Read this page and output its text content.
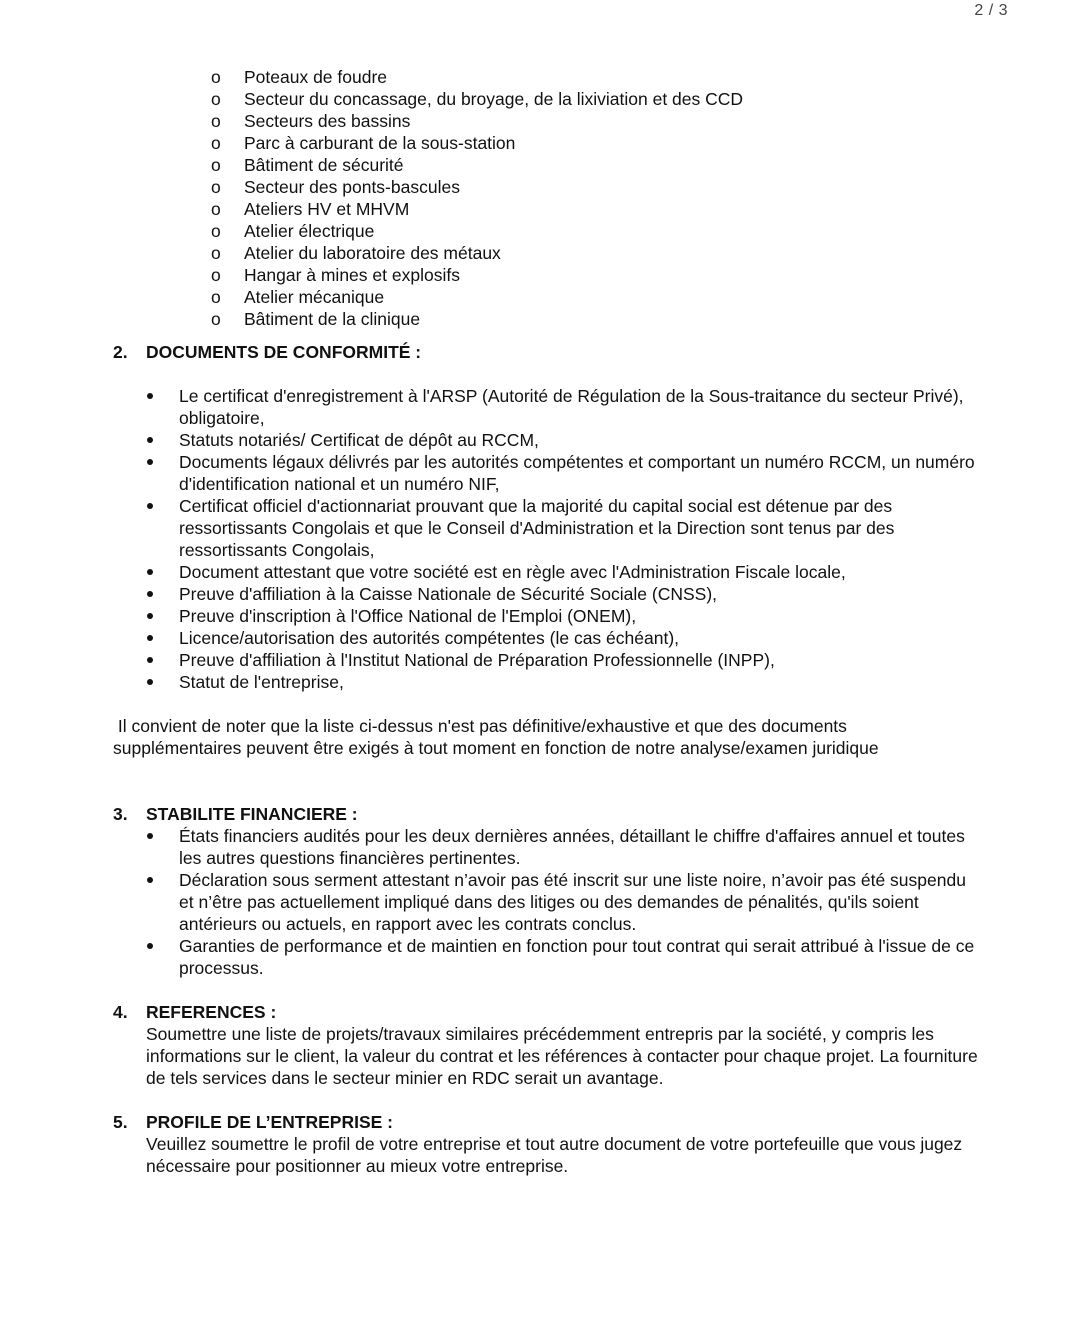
2 / 3
o Poteaux de foudre
o Secteur du concassage, du broyage, de la lixiviation et des CCD
o Secteurs des bassins
o Parc à carburant de la sous-station
o Bâtiment de sécurité
o Secteur des ponts-bascules
o Ateliers HV et MHVM
o Atelier électrique
o Atelier du laboratoire des métaux
o Hangar à mines et explosifs
o Atelier mécanique
o Bâtiment de la clinique
2. DOCUMENTS DE CONFORMITÉ :
Le certificat d'enregistrement à l'ARSP (Autorité de Régulation de la Sous-traitance du secteur Privé), obligatoire,
Statuts notariés/ Certificat de dépôt au RCCM,
Documents légaux délivrés par les autorités compétentes et comportant un numéro RCCM, un numéro d'identification national et un numéro NIF,
Certificat officiel d'actionnariat prouvant que la majorité du capital social est détenue par des ressortissants Congolais et que le Conseil d'Administration et la Direction sont tenus par des ressortissants Congolais,
Document attestant que votre société est en règle avec l'Administration Fiscale locale,
Preuve d'affiliation à la Caisse Nationale de Sécurité Sociale (CNSS),
Preuve d'inscription à l'Office National de l'Emploi (ONEM),
Licence/autorisation des autorités compétentes (le cas échéant),
Preuve d'affiliation à l'Institut National de Préparation Professionnelle (INPP),
Statut de l'entreprise,
Il convient de noter que la liste ci-dessus n'est pas définitive/exhaustive et que des documents supplémentaires peuvent être exigés à tout moment en fonction de notre analyse/examen juridique
3. STABILITE FINANCIERE :
États financiers audités pour les deux dernières années, détaillant le chiffre d'affaires annuel et toutes les autres questions financières pertinentes.
Déclaration sous serment attestant n’avoir pas été inscrit sur une liste noire, n’avoir pas été suspendu et n’être pas actuellement impliqué dans des litiges ou des demandes de pénalités, qu'ils soient antérieurs ou actuels, en rapport avec les contrats conclus.
Garanties de performance et de maintien en fonction pour tout contrat qui serait attribué à l'issue de ce processus.
4. REFERENCES :
Soumettre une liste de projets/travaux similaires précédemment entrepris par la société, y compris les informations sur le client, la valeur du contrat et les références à contacter pour chaque projet. La fourniture de tels services dans le secteur minier en RDC serait un avantage.
5. PROFILE DE L’ENTREPRISE :
Veuillez soumettre le profil de votre entreprise et tout autre document de votre portefeuille que vous jugez nécessaire pour positionner au mieux votre entreprise.
